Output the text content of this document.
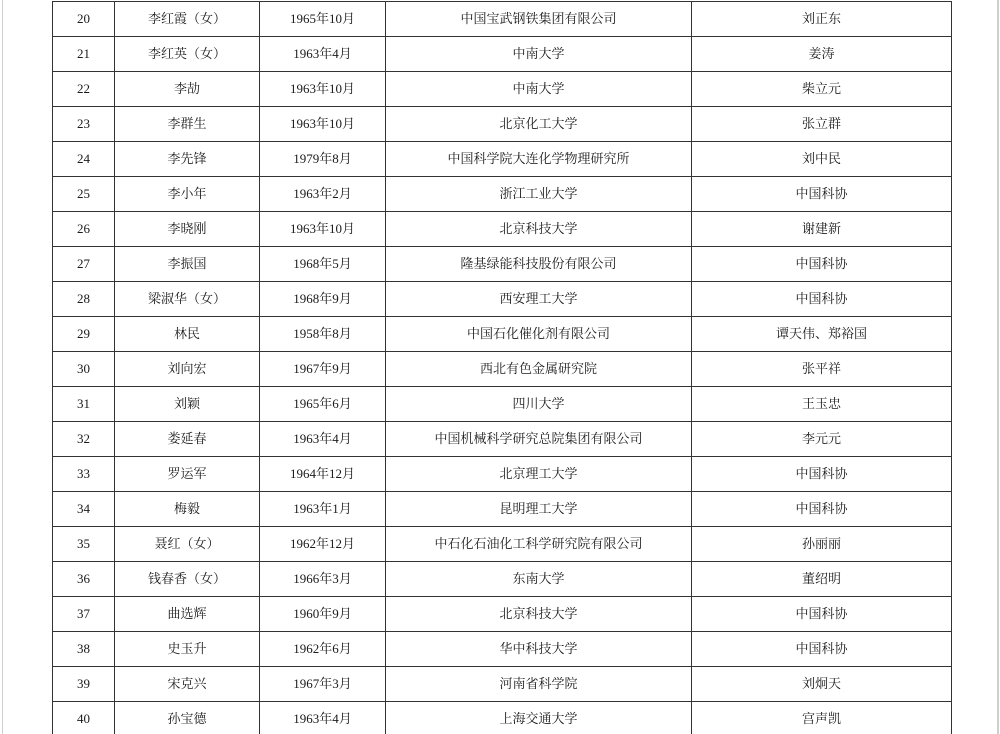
20	李红霞（女）	1965年10月	中国宝武钢铁集团有限公司	刘正东
21	李红英（女）	1963年4月	中南大学	姜涛
22	李劼	1963年10月	中南大学	柴立元
23	李群生	1963年10月	北京化工大学	张立群
24	李先锋	1979年8月	中国科学院大连化学物理研究所	刘中民
25	李小年	1963年2月	浙江工业大学	中国科协
26	李晓刚	1963年10月	北京科技大学	谢建新
27	李振国	1968年5月	隆基绿能科技股份有限公司	中国科协
28	梁淑华（女）	1968年9月	西安理工大学	中国科协
29	林民	1958年8月	中国石化催化剂有限公司	谭天伟、郑裕国
30	刘向宏	1967年9月	西北有色金属研究院	张平祥
31	刘颖	1965年6月	四川大学	王玉忠
32	娄延春	1963年4月	中国机械科学研究总院集团有限公司	李元元
33	罗运军	1964年12月	北京理工大学	中国科协
34	梅毅	1963年1月	昆明理工大学	中国科协
35	聂红（女）	1962年12月	中石化石油化工科学研究院有限公司	孙丽丽
36	钱春香（女）	1966年3月	东南大学	董绍明
37	曲选辉	1960年9月	北京科技大学	中国科协
38	史玉升	1962年6月	华中科技大学	中国科协
39	宋克兴	1967年3月	河南省科学院	刘炯天
40	孙宝德	1963年4月	上海交通大学	宫声凯
